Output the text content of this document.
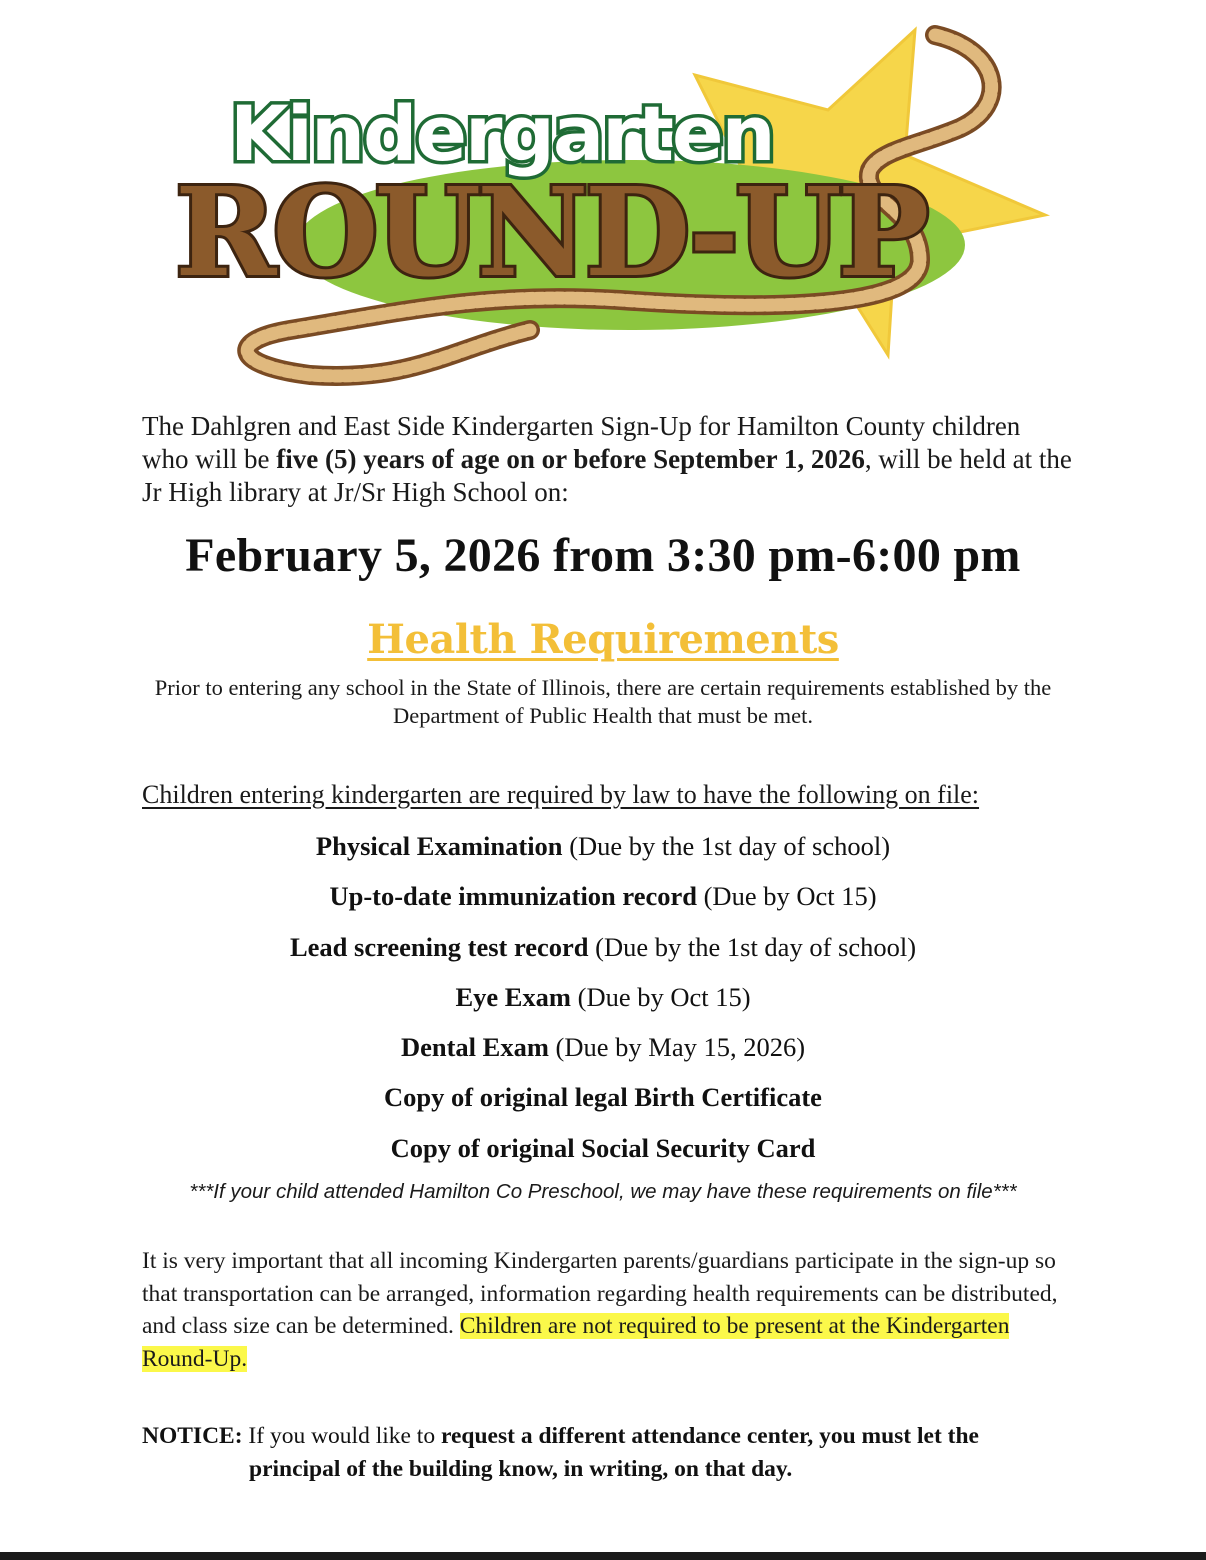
Kindergarten
ROUND-UP
The Dahlgren and East Side Kindergarten Sign-Up for Hamilton County children who will be five (5) years of age on or before September 1, 2026, will be held at the Jr High library at Jr/Sr High School on:
February 5, 2026 from 3:30 pm-6:00 pm
Health Requirements
Prior to entering any school in the State of Illinois, there are certain requirements established by the Department of Public Health that must be met.
Children entering kindergarten are required by law to have the following on file:
Physical Examination (Due by the 1st day of school)
Up-to-date immunization record (Due by Oct 15)
Lead screening test record (Due by the 1st day of school)
Eye Exam (Due by Oct 15)
Dental Exam (Due by May 15, 2026)
Copy of original legal Birth Certificate
Copy of original Social Security Card
***If your child attended Hamilton Co Preschool, we may have these requirements on file***
It is very important that all incoming Kindergarten parents/guardians participate in the sign-up so that transportation can be arranged, information regarding health requirements can be distributed, and class size can be determined. Children are not required to be present at the Kindergarten Round-Up.
NOTICE: If you would like to request a different attendance center, you must let the
principal of the building know, in writing, on that day.
